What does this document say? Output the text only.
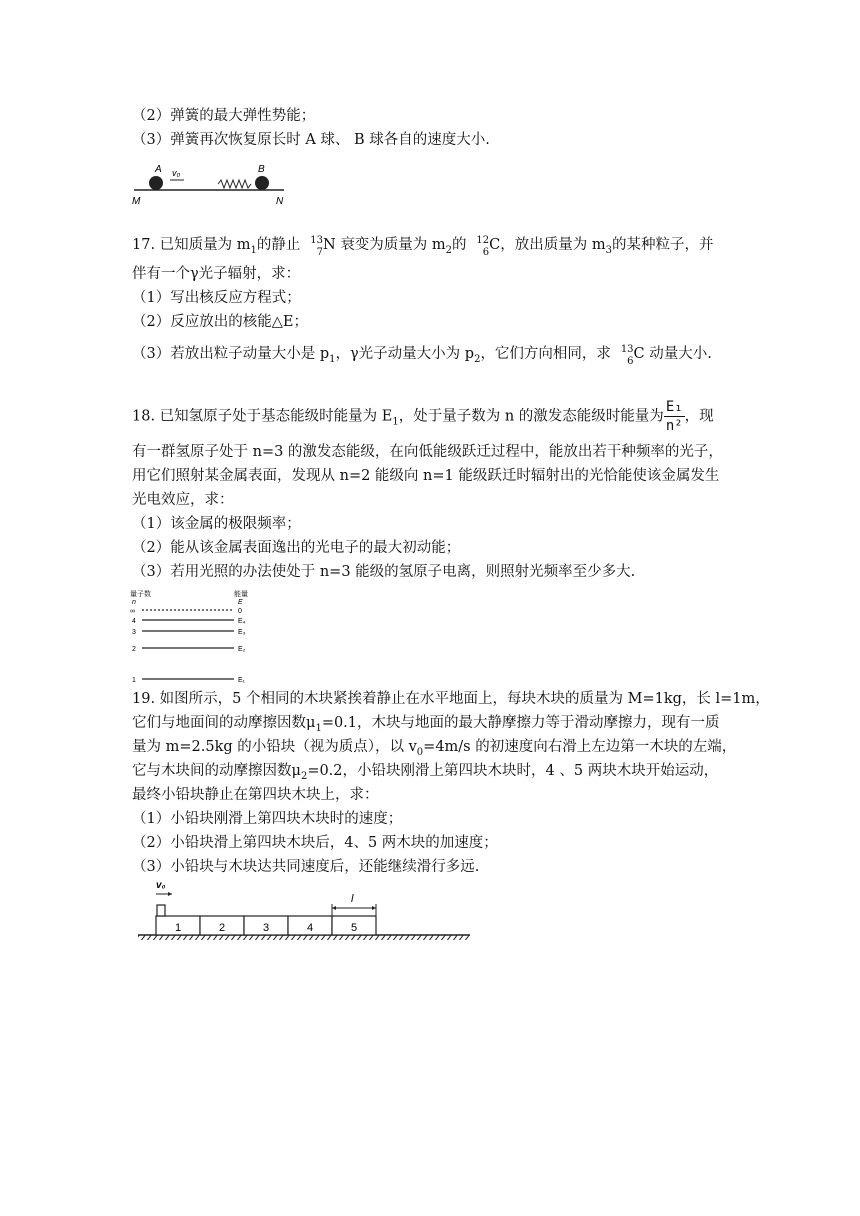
（2）弹簧的最大弹性势能；
（3）弹簧再次恢复原长时 A 球、 B 球各自的速度大小.
A v₀	B
M	N
17. 已知质量为 $m_1$的静止 13
7 N 衰变为质量为 $m_2$的 12
6 C，放出质量为 $m_3$的某种粒子，并
伴有一个γ光子辐射，求：
（1）写出核反应方程式；
（2）反应放出的核能△E；
（3）若放出粒子动量大小是 $p_1$，γ光子动量大小为 $p_2$，它们方向相同，求 13
6 C 动量大小.
18. 已知氢原子处于基态能级时能量为 $E_1$，处于量子数为 n 的激发态能级时能量为 $\frac{\text{E₁}}{\text{n²}}$ ，现
有一群氢原子处于 n=3 的激发态能级，在向低能级跃迁过程中，能放出若干种频率的光子，
用它们照射某金属表面，发现从 n=2 能级向 n=1 能级跃迁时辐射出的光恰能使该金属发生
光电效应，求：
（1）该金属的极限频率；
（2）能从该金属表面逸出的光电子的最大初动能；
（3）若用光照的办法使处于 n=3 能级的氢原子电离，则照射光频率至少多大.
量子数	能量
n	E
∞	0
4	E₄
3	E₃
2	E₂
1	E₁
19. 如图所示，5 个相同的木块紧挨着静止在水平地面上，每块木块的质量为 M=1kg，长 l=1m，
它们与地面间的动摩擦因数$\mu_1=0.1$，木块与地面的最大静摩擦力等于滑动摩擦力，现有一质
量为 m=2.5kg 的小铅块（视为质点），以 $v_0=4m/s$ 的初速度向右滑上左边第一木块的左端，
它与木块间的动摩擦因数$\mu_2=0.2$，小铅块刚滑上第四块木块时，4 、5 两块木块开始运动，
最终小铅块静止在第四块木块上，求：
（1）小铅块刚滑上第四块木块时的速度；
（2）小铅块滑上第四块木块后，4、5 两木块的加速度；
（3）小铅块与木块达共同速度后，还能继续滑行多远.
v₀
l
1	2	3	4	5
